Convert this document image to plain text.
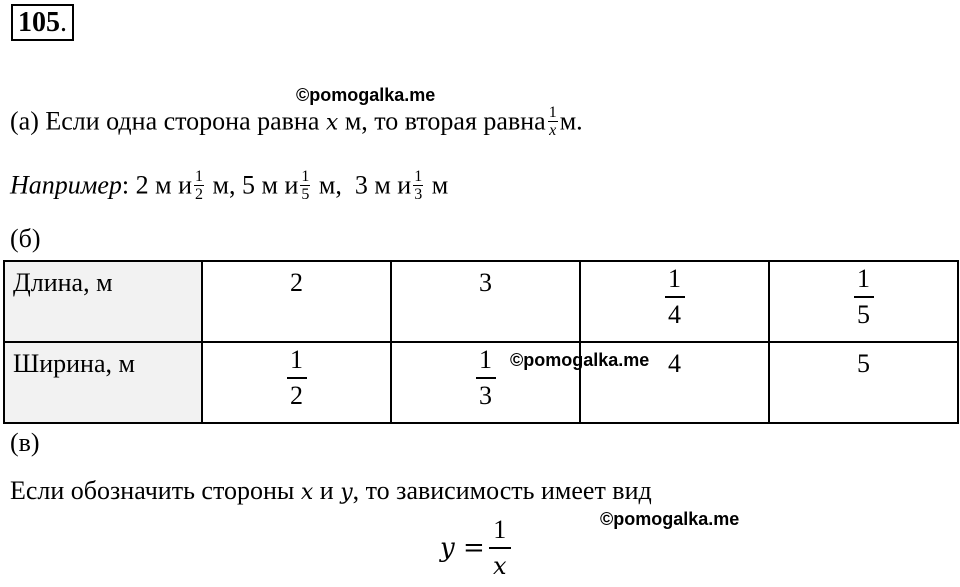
105.
©pomogalka.me
(а) Если одна сторона равна x м, то вторая равна $\frac{1}{x} м$.
Например: 2 м и $\frac{1}{2} м$, 5 м и $\frac{1}{5} м$, 3 м и $\frac{1}{3}$ м
(б)
Длина, м	2	3	$\frac{1}{4}$	$\frac{1}{5}$

Ширина, м	$\frac{1}{2}$	$\frac{1}{3}$	4	5
©pomogalka.me
(в)
Если обозначить стороны x и y, то зависимость имеет вид
©pomogalka.me
$y = \frac{1}{x}$
